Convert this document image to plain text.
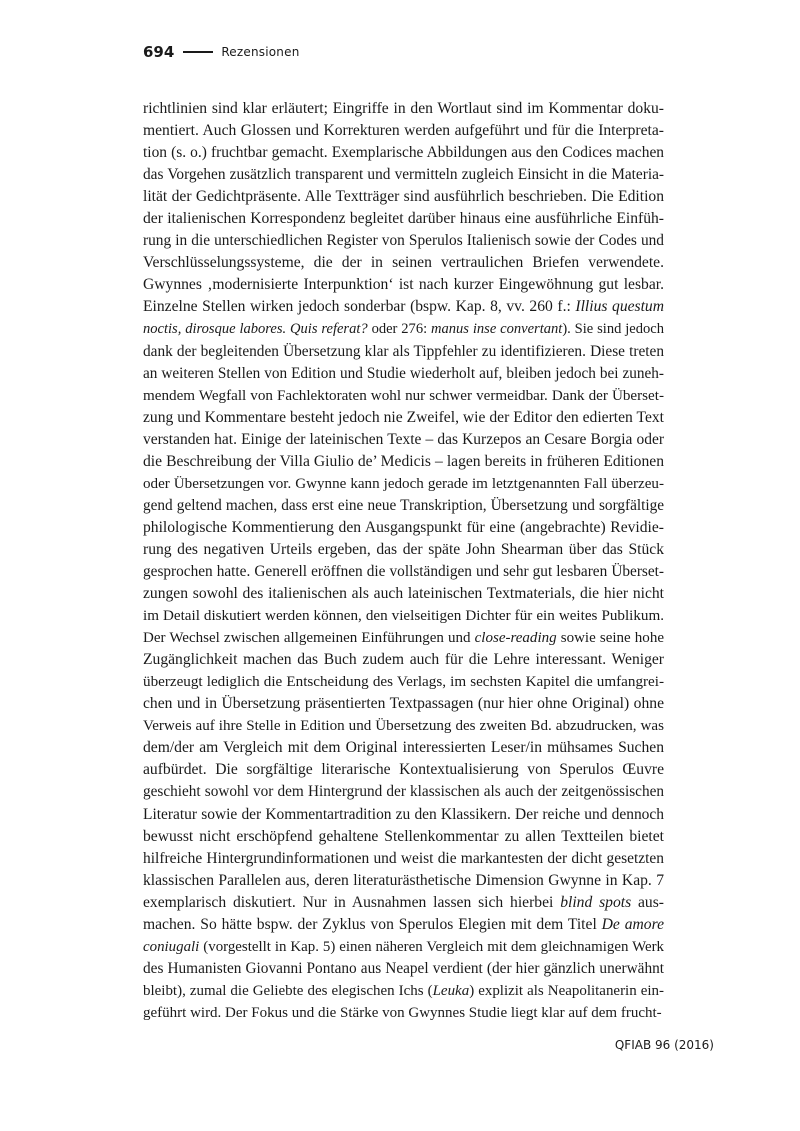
694	Rezensionen
richtlinien sind klar erläutert; Eingriffe in den Wortlaut sind im Kommentar doku-
mentiert. Auch Glossen und Korrekturen werden aufgeführt und für die Interpreta-
tion (s. o.) fruchtbar gemacht. Exemplarische Abbildungen aus den Codices machen
das Vorgehen zusätzlich transparent und vermitteln zugleich Einsicht in die Materia-
lität der Gedichtpräsente. Alle Textträger sind ausführlich beschrieben. Die Edition
der italienischen Korrespondenz begleitet darüber hinaus eine ausführliche Einfüh-
rung in die unterschiedlichen Register von Sperulos Italienisch sowie der Codes und
Verschlüsselungssysteme, die der in seinen vertraulichen Briefen verwendete.
Gwynnes ‚modernisierte Interpunktion‘ ist nach kurzer Eingewöhnung gut lesbar.
Einzelne Stellen wirken jedoch sonderbar (bspw. Kap. 8, vv. 260 f.: Illius questum
noctis, dirosque labores. Quis referat? oder 276: manus inse convertant). Sie sind jedoch
dank der begleitenden Übersetzung klar als Tippfehler zu identifizieren. Diese treten
an weiteren Stellen von Edition und Studie wiederholt auf, bleiben jedoch bei zuneh-
mendem Wegfall von Fachlektoraten wohl nur schwer vermeidbar. Dank der Überset-
zung und Kommentare besteht jedoch nie Zweifel, wie der Editor den edierten Text
verstanden hat. Einige der lateinischen Texte – das Kurzepos an Cesare Borgia oder
die Beschreibung der Villa Giulio de’ Medicis – lagen bereits in früheren Editionen
oder Übersetzungen vor. Gwynne kann jedoch gerade im letztgenannten Fall überzeu-
gend geltend machen, dass erst eine neue Transkription, Übersetzung und sorgfältige
philologische Kommentierung den Ausgangspunkt für eine (angebrachte) Revidie-
rung des negativen Urteils ergeben, das der späte John Shearman über das Stück
gesprochen hatte. Generell eröffnen die vollständigen und sehr gut lesbaren Überset-
zungen sowohl des italienischen als auch lateinischen Textmaterials, die hier nicht
im Detail diskutiert werden können, den vielseitigen Dichter für ein weites Publikum.
Der Wechsel zwischen allgemeinen Einführungen und close-reading sowie seine hohe
Zugänglichkeit machen das Buch zudem auch für die Lehre interessant. Weniger
überzeugt lediglich die Entscheidung des Verlags, im sechsten Kapitel die umfangrei-
chen und in Übersetzung präsentierten Textpassagen (nur hier ohne Original) ohne
Verweis auf ihre Stelle in Edition und Übersetzung des zweiten Bd. abzudrucken, was
dem/der am Vergleich mit dem Original interessierten Leser/in mühsames Suchen
aufbürdet. Die sorgfältige literarische Kontextualisierung von Sperulos Œuvre
geschieht sowohl vor dem Hintergrund der klassischen als auch der zeitgenössischen
Literatur sowie der Kommentartradition zu den Klassikern. Der reiche und dennoch
bewusst nicht erschöpfend gehaltene Stellenkommentar zu allen Textteilen bietet
hilfreiche Hintergrundinformationen und weist die markantesten der dicht gesetzten
klassischen Parallelen aus, deren literaturästhetische Dimension Gwynne in Kap. 7
exemplarisch diskutiert. Nur in Ausnahmen lassen sich hierbei blind spots aus-
machen. So hätte bspw. der Zyklus von Sperulos Elegien mit dem Titel De amore
coniugali (vorgestellt in Kap. 5) einen näheren Vergleich mit dem gleichnamigen Werk
des Humanisten Giovanni Pontano aus Neapel verdient (der hier gänzlich unerwähnt
bleibt), zumal die Geliebte des elegischen Ichs (Leuka) explizit als Neapolitanerin ein-
geführt wird. Der Fokus und die Stärke von Gwynnes Studie liegt klar auf dem frucht-
QFIAB 96 (2016)
